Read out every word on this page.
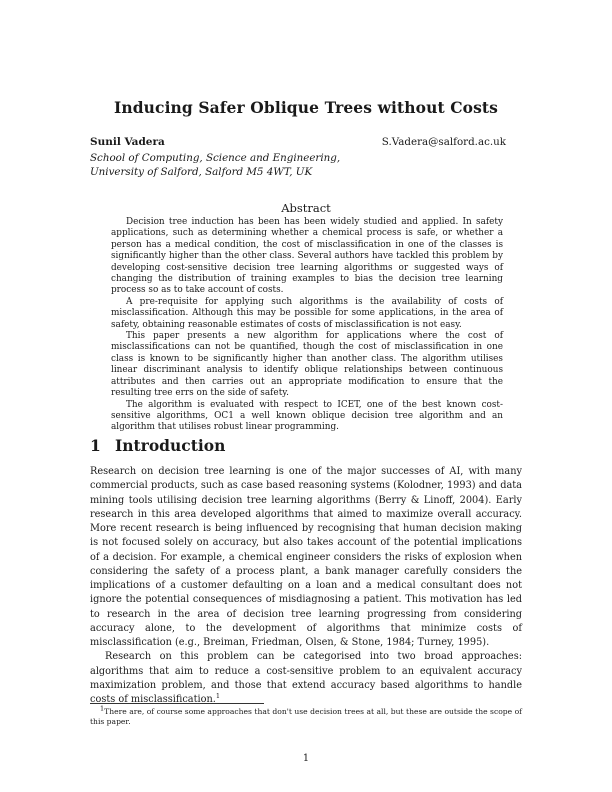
Inducing Safer Oblique Trees without Costs
Sunil Vadera	S.Vadera@salford.ac.uk
School of Computing, Science and Engineering,
University of Salford, Salford M5 4WT, UK
Abstract

Decision tree induction has been has been widely studied and applied. In safety applications, such as determining whether a chemical process is safe, or whether a person has a medical condition, the cost of misclassification in one of the classes is significantly higher than the other class. Several authors have tackled this problem by developing cost-sensitive decision tree learning algorithms or suggested ways of changing the distribution of training examples to bias the decision tree learning process so as to take account of costs.

A pre-requisite for applying such algorithms is the availability of costs of misclassification. Although this may be possible for some applications, in the area of safety, obtaining reasonable estimates of costs of misclassification is not easy.

This paper presents a new algorithm for applications where the cost of misclassifications can not be quantified, though the cost of misclassification in one class is known to be significantly higher than another class. The algorithm utilises linear discriminant analysis to identify oblique relationships between continuous attributes and then carries out an appropriate modification to ensure that the resulting tree errs on the side of safety.

The algorithm is evaluated with respect to ICET, one of the best known cost-sensitive algorithms, OC1 a well known oblique decision tree algorithm and an algorithm that utilises robust linear programming.

1 Introduction

Research on decision tree learning is one of the major successes of AI, with many commercial products, such as case based reasoning systems (Kolodner, 1993) and data mining tools utilising decision tree learning algorithms (Berry & Linoff, 2004). Early research in this area developed algorithms that aimed to maximize overall accuracy. More recent research is being influenced by recognising that human decision making is not focused solely on accuracy, but also takes account of the potential implications of a decision. For example, a chemical engineer considers the risks of explosion when considering the safety of a process plant, a bank manager carefully considers the implications of a customer defaulting on a loan and a medical consultant does not ignore the potential consequences of misdiagnosing a patient. This motivation has led to research in the area of decision tree learning progressing from considering accuracy alone, to the development of algorithms that minimize costs of misclassification (e.g., Breiman, Friedman, Olsen, & Stone, 1984; Turney, 1995).

Research on this problem can be categorised into two broad approaches: algorithms that aim to reduce a cost-sensitive problem to an equivalent accuracy maximization problem, and those that extend accuracy based algorithms to handle costs of misclassification.$^1$

$^1$There are, of course some approaches that don't use decision trees at all, but these are outside the scope of this paper.

1
